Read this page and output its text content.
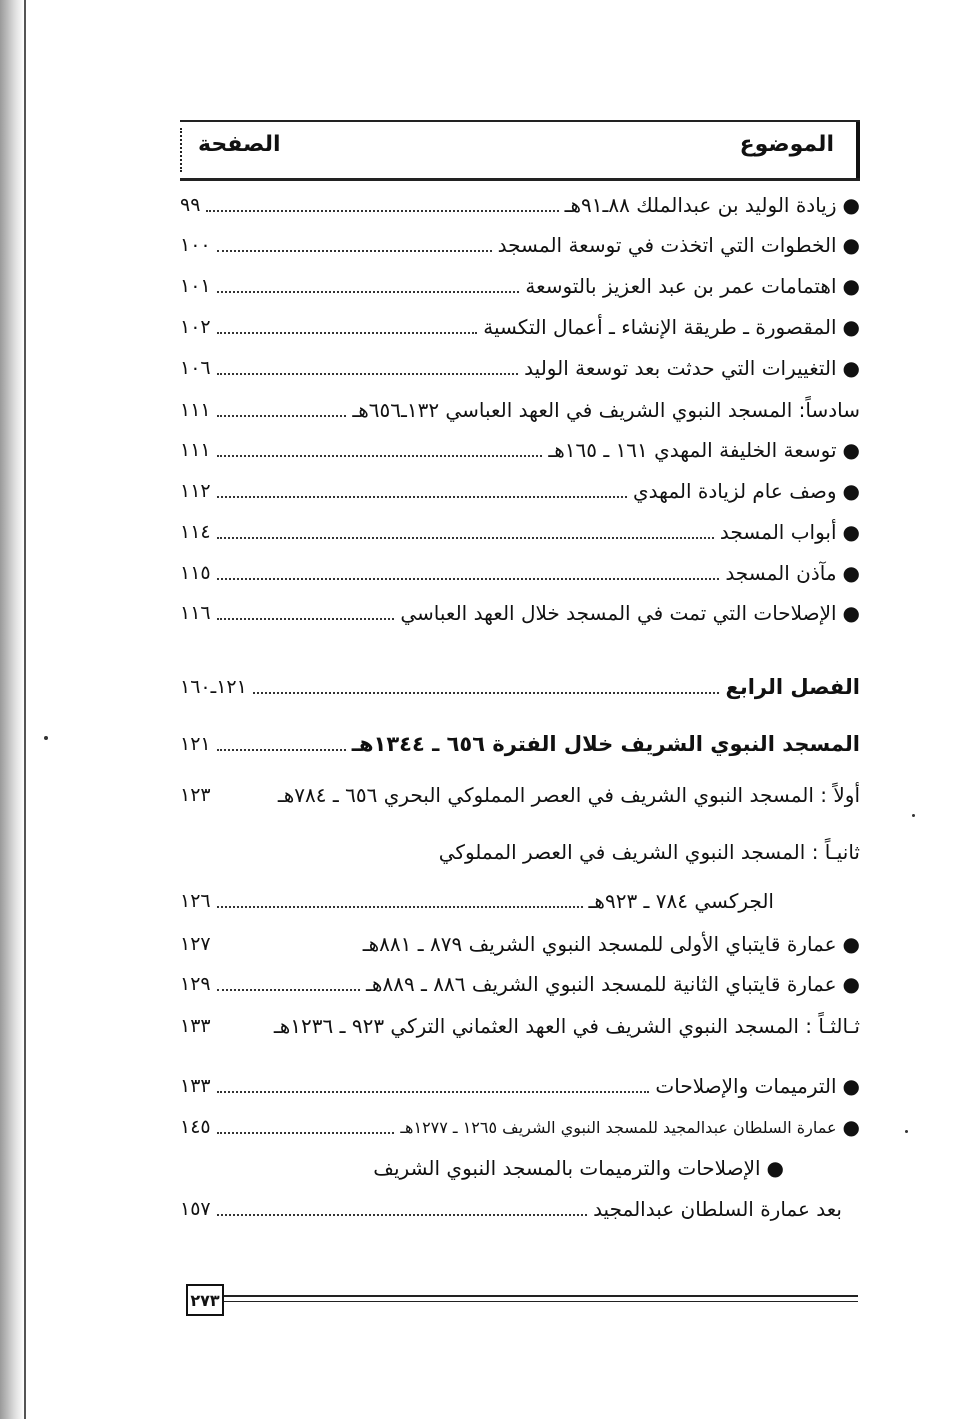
الموضوع
الصفحة
●
زيادة الوليد بن عبدالملك ٨٨ـ٩١هـ
٩٩
●
الخطوات التي اتخذت في توسعة المسجد
١٠٠
●
اهتمامات عمر بن عبد العزيز بالتوسعة
١٠١
●
المقصورة ـ طريقة الإنشاء ـ أعمال التكسية
١٠٢
●
التغييرات التي حدثت بعد توسعة الوليد
١٠٦
سادساً: المسجد النبوي الشريف في العهد العباسي ١٣٢ـ٦٥٦هـ
١١١
●
توسعة الخليفة المهدي ١٦١ ـ ١٦٥هـ
١١١
●
وصف عام لزيادة المهدي
١١٢
●
أبواب المسجد
١١٤
●
مآذن المسجد
١١٥
●
الإصلاحات التي تمت في المسجد خلال العهد العباسي
١١٦
الفصل الرابع
١٢١ـ١٦٠
المسجد النبوي الشريف خلال الفترة ٦٥٦ ـ ١٣٤٤هـ
١٢١
أولاً : المسجد النبوي الشريف في العصر المملوكي البحري ٦٥٦ ـ ٧٨٤هـ
١٢٣
ثانيـاً : المسجد النبوي الشريف في العصر المملوكي
الجركسي ٧٨٤ ـ ٩٢٣هـ
١٢٦
●
عمارة قايتباي الأولى للمسجد النبوي الشريف ٨٧٩ ـ ٨٨١هـ
١٢٧
●
عمارة قايتباي الثانية للمسجد النبوي الشريف ٨٨٦ ـ ٨٨٩هـ
١٢٩
ثـالثـاً : المسجد النبوي الشريف في العهد العثماني التركي ٩٢٣ ـ ١٢٣٦هـ
١٣٣
●
الترميمات والإصلاحات
١٣٣
●
عمارة السلطان عبدالمجيد للمسجد النبوي الشريف ١٢٦٥ ـ ١٢٧٧هـ
١٤٥
●
الإصلاحات والترميمات بالمسجد النبوي الشريف
بعد عمارة السلطان عبدالمجيد
١٥٧
٢٧٣
